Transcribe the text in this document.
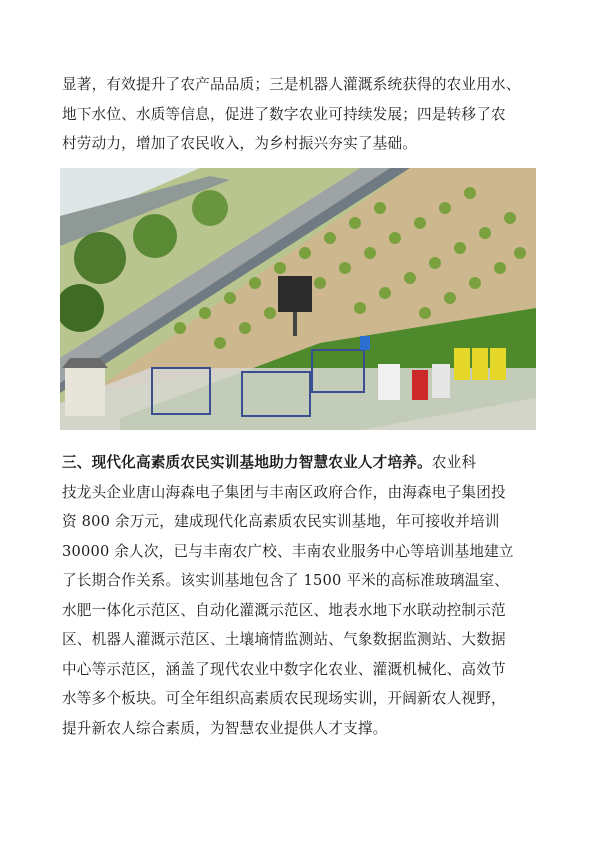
显著，有效提升了农产品品质；三是机器人灌溉系统获得的农业用水、
地下水位、水质等信息，促进了数字农业可持续发展；四是转移了农
村劳动力，增加了农民收入，为乡村振兴夯实了基础。
三、现代化高素质农民实训基地助力智慧农业人才培养。农业科
技龙头企业唐山海森电子集团与丰南区政府合作，由海森电子集团投
资 800 余万元，建成现代化高素质农民实训基地，年可接收并培训
30000 余人次，已与丰南农广校、丰南农业服务中心等培训基地建立
了长期合作关系。该实训基地包含了 1500 平米的高标准玻璃温室、
水肥一体化示范区、自动化灌溉示范区、地表水地下水联动控制示范
区、机器人灌溉示范区、土壤墒情监测站、气象数据监测站、大数据
中心等示范区，涵盖了现代农业中数字化农业、灌溉机械化、高效节
水等多个板块。可全年组织高素质农民现场实训，开阔新农人视野，
提升新农人综合素质，为智慧农业提供人才支撑。
